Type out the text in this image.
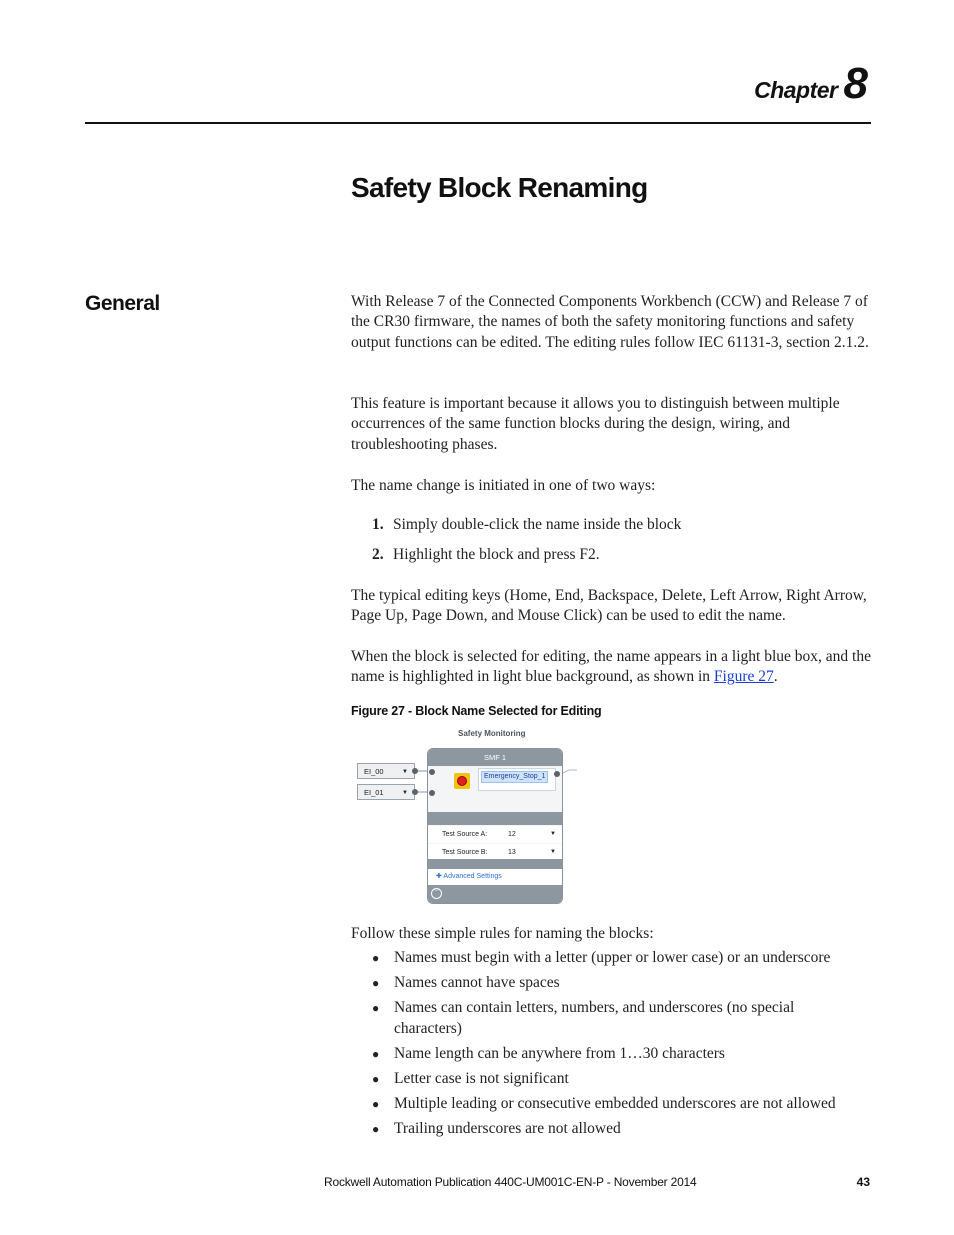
Chapter 8
Safety Block Renaming
General	With Release 7 of the Connected Components Workbench (CCW) and Release 7 of the CR30 firmware, the names of both the safety monitoring functions and safety output functions can be edited. The editing rules follow IEC 61131-3, section 2.1.2.

This feature is important because it allows you to distinguish between multiple occurrences of the same function blocks during the design, wiring, and troubleshooting phases.

The name change is initiated in one of two ways:

1. Simply double-click the name inside the block
2. Highlight the block and press F2.

The typical editing keys (Home, End, Backspace, Delete, Left Arrow, Right Arrow, Page Up, Page Down, and Mouse Click) can be used to edit the name.

When the block is selected for editing, the name appears in a light blue box, and the name is highlighted in light blue background, as shown in Figure 27.

Figure 27 - Block Name Selected for Editing
Safety Monitoring
EI_00	▼
EI_01	▼
SMF 1
Emergency_Stop_1
Test Source A:	12	▼
Test Source B:	13	▼
✚ Advanced Settings
︾

Follow these simple rules for naming the blocks:

● Names must begin with a letter (upper or lower case) or an underscore
● Names cannot have spaces
● Names can contain letters, numbers, and underscores (no special characters)
● Name length can be anywhere from 1…30 characters
● Letter case is not significant
● Multiple leading or consecutive embedded underscores are not allowed
● Trailing underscores are not allowed
Rockwell Automation Publication 440C-UM001C-EN-P - November 2014	43
